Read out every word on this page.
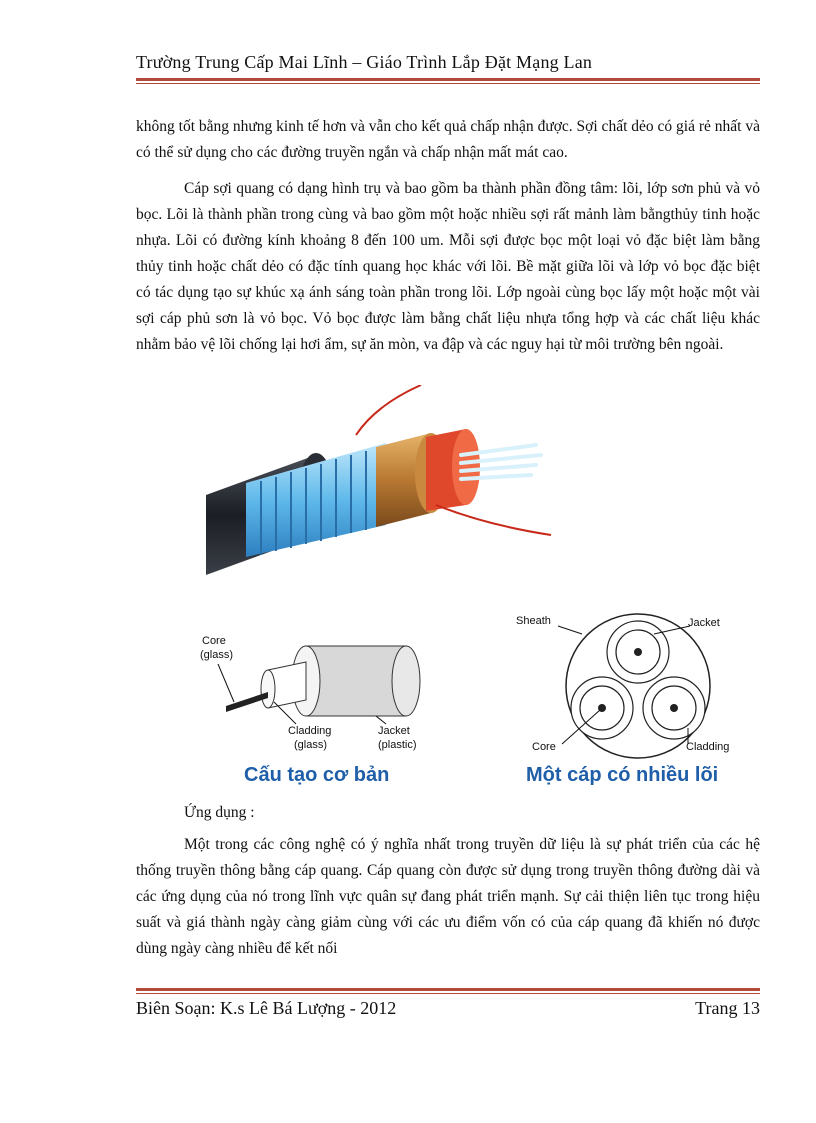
Trường Trung Cấp Mai Lĩnh – Giáo Trình Lắp Đặt Mạng Lan

không tốt bằng nhưng kinh tế hơn và vẫn cho kết quả chấp nhận được. Sợi chất dẻo có giá rẻ nhất và có thể sử dụng cho các đường truyền ngắn và chấp nhận mất mát cao.

Cáp sợi quang có dạng hình trụ và bao gồm ba thành phần đồng tâm: lõi, lớp sơn phủ và vỏ bọc. Lõi là thành phần trong cùng và bao gồm một hoặc nhiều sợi rất mảnh làm bằngthủy tinh hoặc nhựa. Lõi có đường kính khoảng 8 đến 100 um. Mỗi sợi được bọc một loại vỏ đặc biệt làm bằng thủy tinh hoặc chất dẻo có đặc tính quang học khác với lõi. Bề mặt giữa lõi và lớp vỏ bọc đặc biệt có tác dụng tạo sự khúc xạ ánh sáng toàn phần trong lõi. Lớp ngoài cùng bọc lấy một hoặc một vài sợi cáp phủ sơn là vỏ bọc. Vỏ bọc được làm bằng chất liệu nhựa tổng hợp và các chất liệu khác nhằm bảo vệ lõi chống lại hơi ẩm, sự ăn mòn, va đập và các nguy hại từ môi trường bên ngoài.

Core
(glass)
Cladding
(glass)
Jacket
(plastic)
Cấu tạo cơ bản
Sheath	Jacket
Core	Cladding
Một cáp có nhiều lõi

Ứng dụng :

Một trong các công nghệ có ý nghĩa nhất trong truyền dữ liệu là sự phát triển của các hệ thống truyền thông bằng cáp quang. Cáp quang còn được sử dụng trong truyền thông đường dài và các ứng dụng của nó trong lĩnh vực quân sự đang phát triển mạnh. Sự cải thiện liên tục trong hiệu suất và giá thành ngày càng giảm cùng với các ưu điểm vốn có của cáp quang đã khiến nó được dùng ngày càng nhiều để kết nối

Biên Soạn: K.s Lê Bá Lượng - 2012	Trang 13
